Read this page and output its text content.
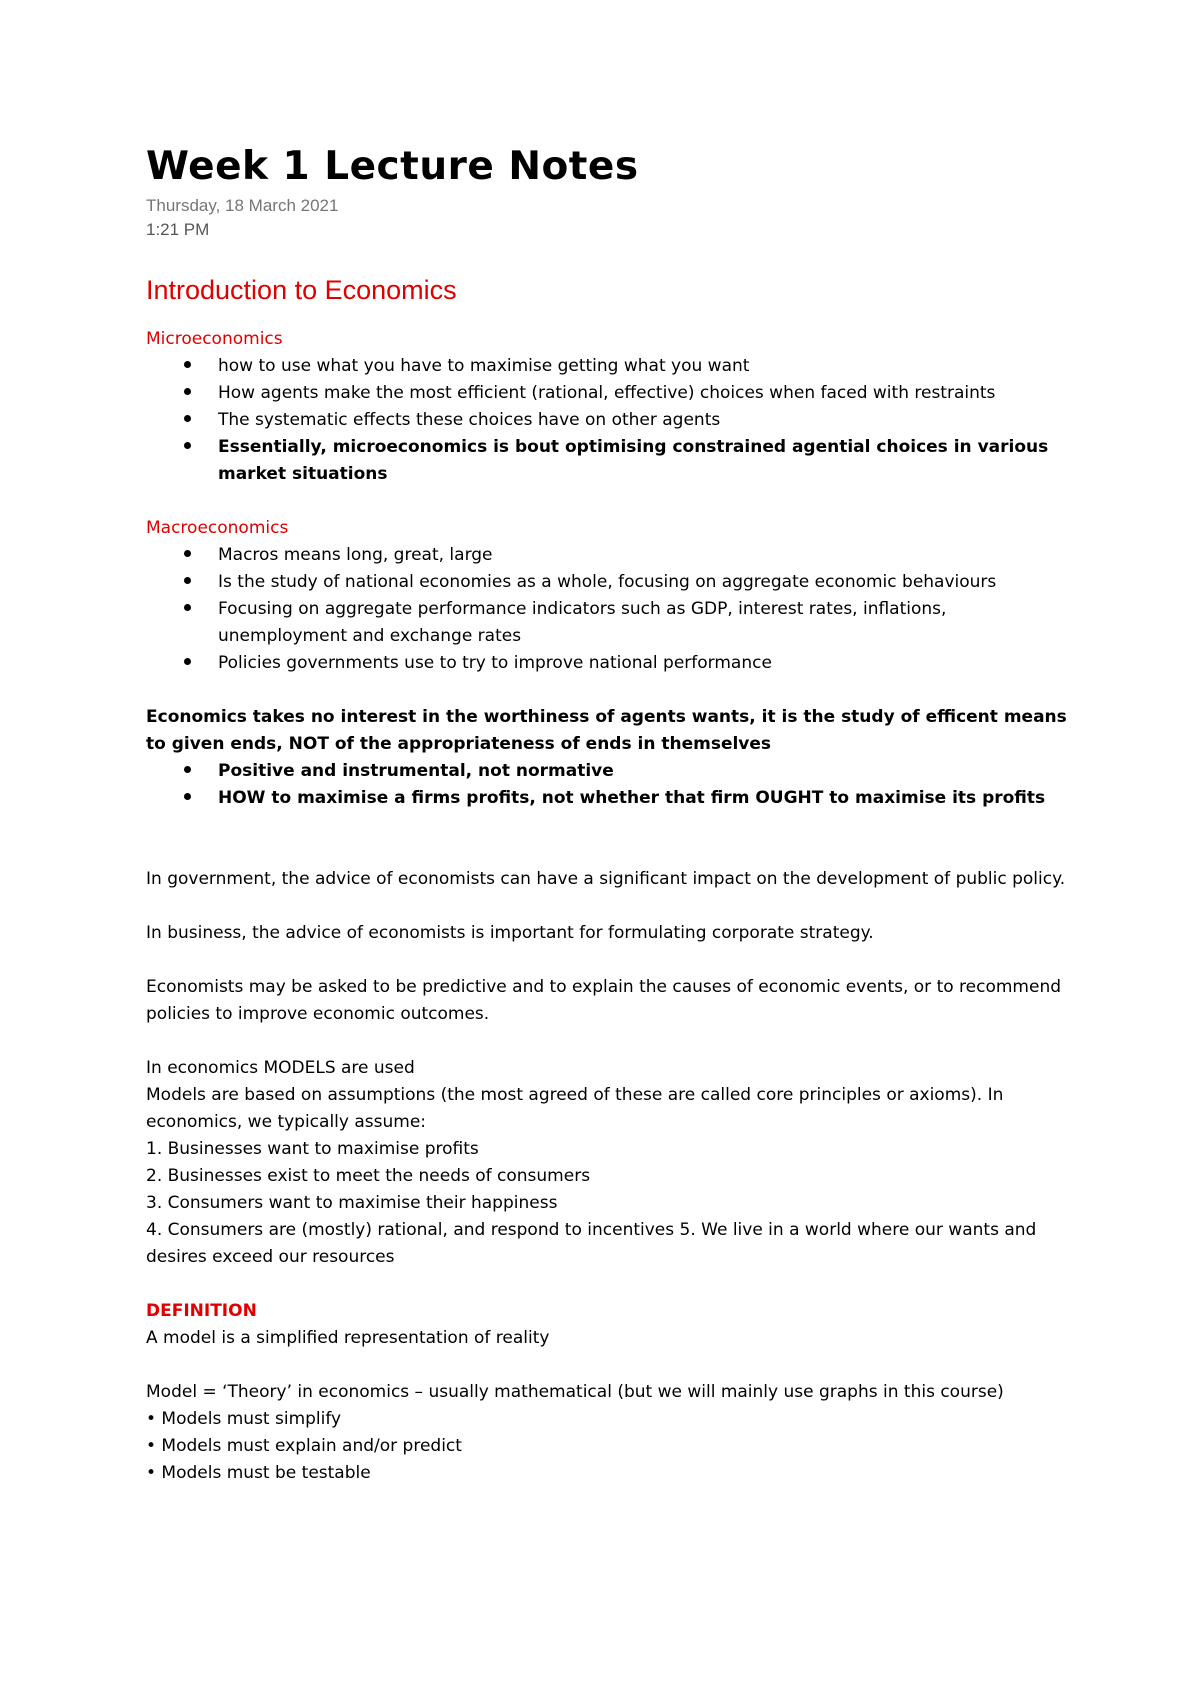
Week 1 Lecture Notes
Thursday, 18 March 2021
1:21 PM
Introduction to Economics
Microeconomics
how to use what you have to maximise getting what you want
How agents make the most efficient (rational, effective) choices when faced with restraints
The systematic effects these choices have on other agents
Essentially, microeconomics is bout optimising constrained agential choices in various market situations
Macroeconomics
Macros means long, great, large
Is the study of national economies as a whole, focusing on aggregate economic behaviours
Focusing on aggregate performance indicators such as GDP, interest rates, inflations, unemployment and exchange rates
Policies governments use to try to improve national performance

Economics takes no interest in the worthiness of agents wants, it is the study of efficent means to given ends, NOT of the appropriateness of ends in themselves

Positive and instrumental, not normative
HOW to maximise a firms profits, not whether that firm OUGHT to maximise its profits

In government, the advice of economists can have a significant impact on the development of public policy.

In business, the advice of economists is important for formulating corporate strategy.

Economists may be asked to be predictive and to explain the causes of economic events, or to recommend policies to improve economic outcomes.

In economics MODELS are used

Models are based on assumptions (the most agreed of these are called core principles or axioms). In economics, we typically assume:

1. Businesses want to maximise profits

2. Businesses exist to meet the needs of consumers

3. Consumers want to maximise their happiness

4. Consumers are (mostly) rational, and respond to incentives 5. We live in a world where our wants and desires exceed our resources

DEFINITION

A model is a simplified representation of reality

Model = ‘Theory’ in economics – usually mathematical (but we will mainly use graphs in this course)

• Models must simplify

• Models must explain and/or predict

• Models must be testable
